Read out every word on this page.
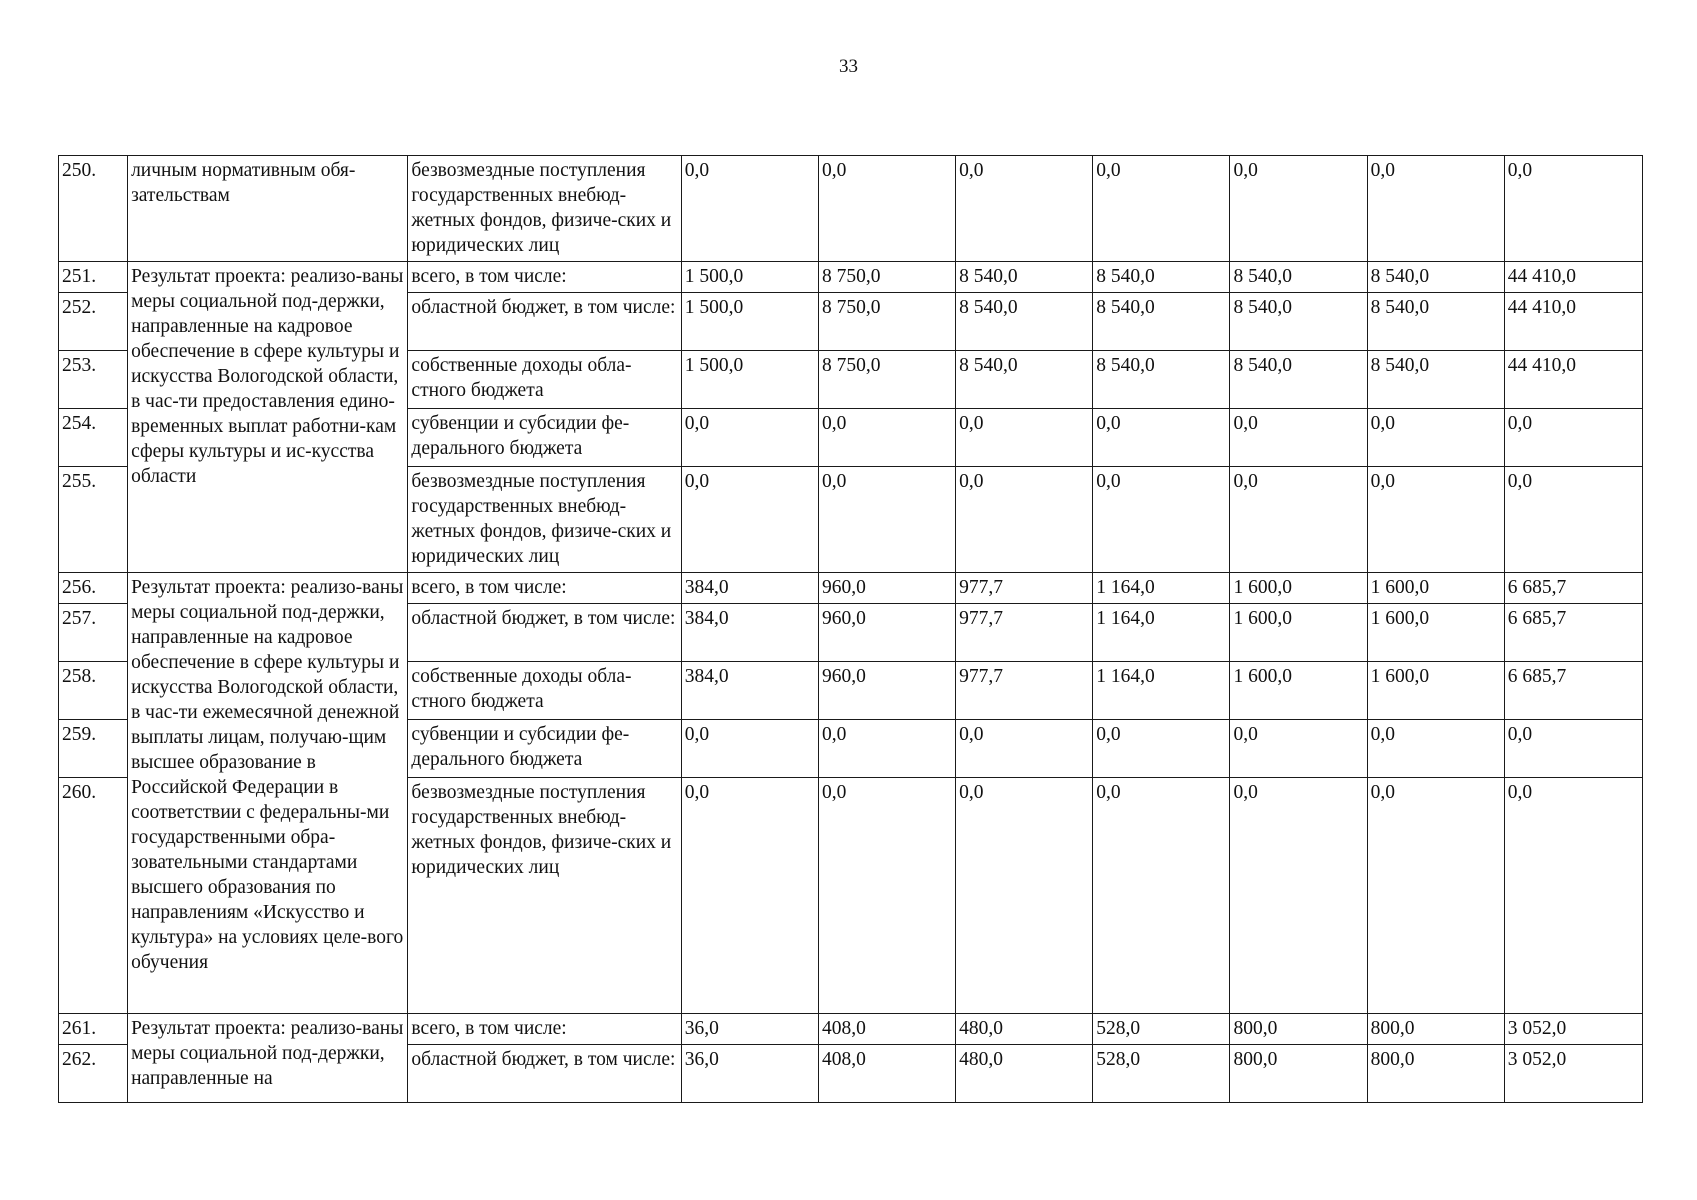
33
250.	личным нормативным обя-зательствам	безвозмездные поступления государственных внебюд-жетных фондов, физиче-ских и юридических лиц	0,0	0,0	0,0	0,0	0,0	0,0	0,0
251.	Результат проекта: реализо-ваны меры социальной под-держки, направленные на кадровое обеспечение в сфере культуры и искусства Вологодской области, в час-ти предоставления едино-временных выплат работни-кам сферы культуры и ис-кусства области	всего, в том числе:	1 500,0	8 750,0	8 540,0	8 540,0	8 540,0	8 540,0	44 410,0
252.		областной бюджет, в том числе:	1 500,0	8 750,0	8 540,0	8 540,0	8 540,0	8 540,0	44 410,0
253.		собственные доходы обла-стного бюджета	1 500,0	8 750,0	8 540,0	8 540,0	8 540,0	8 540,0	44 410,0
254.		субвенции и субсидии фе-дерального бюджета	0,0	0,0	0,0	0,0	0,0	0,0	0,0
255.		безвозмездные поступления государственных внебюд-жетных фондов, физиче-ских и юридических лиц	0,0	0,0	0,0	0,0	0,0	0,0	0,0
256.	Результат проекта: реализо-ваны меры социальной под-держки, направленные на кадровое обеспечение в сфере культуры и искусства Вологодской области, в час-ти ежемесячной денежной выплаты лицам, получаю-щим высшее образование в Российской Федерации в соответствии с федеральны-ми государственными обра-зовательными стандартами высшего образования по направлениям «Искусство и культура» на условиях целе-вого обучения	всего, в том числе:	384,0	960,0	977,7	1 164,0	1 600,0	1 600,0	6 685,7
257.		областной бюджет, в том числе:	384,0	960,0	977,7	1 164,0	1 600,0	1 600,0	6 685,7
258.		собственные доходы обла-стного бюджета	384,0	960,0	977,7	1 164,0	1 600,0	1 600,0	6 685,7
259.		субвенции и субсидии фе-дерального бюджета	0,0	0,0	0,0	0,0	0,0	0,0	0,0
260.		безвозмездные поступления государственных внебюд-жетных фондов, физиче-ских и юридических лиц	0,0	0,0	0,0	0,0	0,0	0,0	0,0
261.	Результат проекта: реализо-ваны меры социальной под-держки, направленные на	всего, в том числе:	36,0	408,0	480,0	528,0	800,0	800,0	3 052,0
262.		областной бюджет, в том числе:	36,0	408,0	480,0	528,0	800,0	800,0	3 052,0
